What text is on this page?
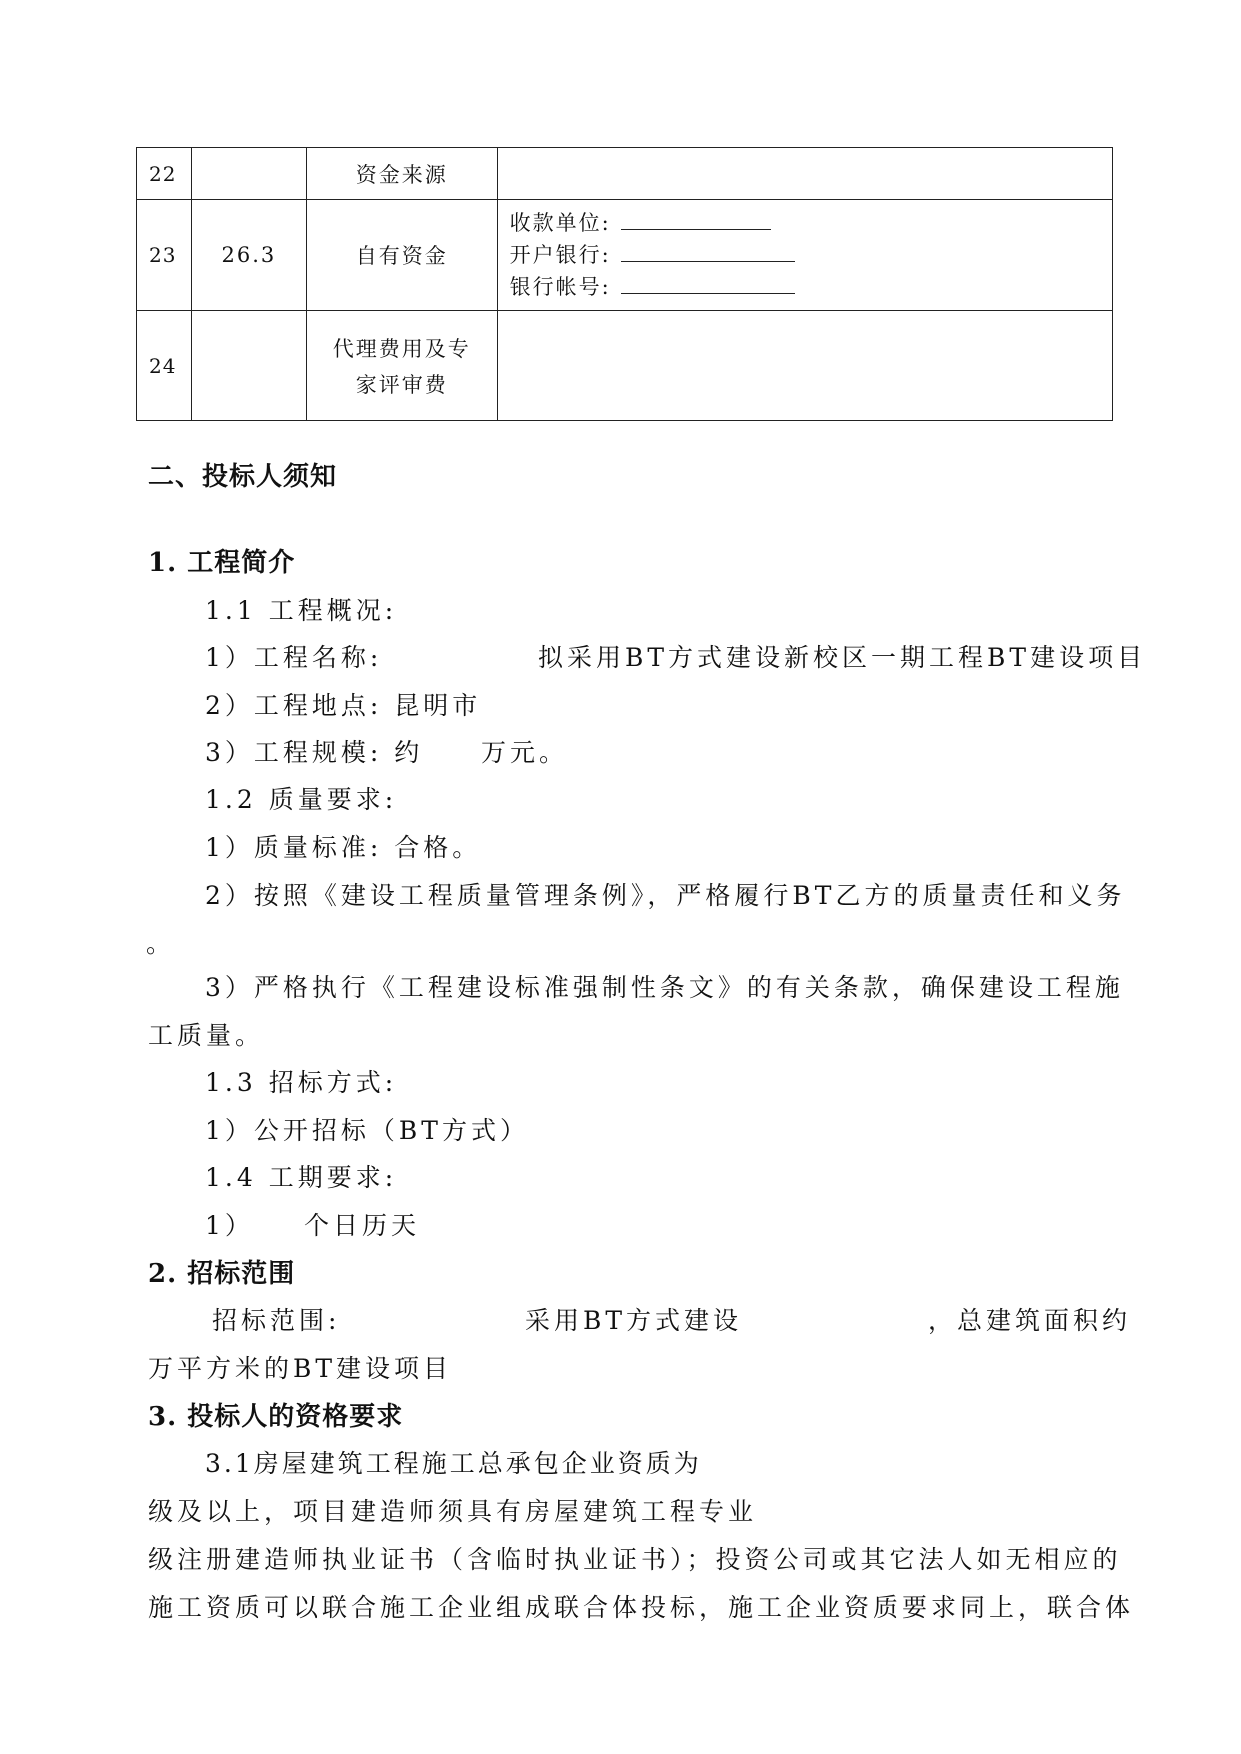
22		资金来源	
23	26.3	自有资金	收款单位:
开户银行:
银行帐号:

24		代理费用及专
家评审费	

二、投标人须知
1. 工程简介
1.1 工程概况:
1）工程名称:	拟采用BT方式建设新校区一期工程BT建设项目
2）工程地点: 昆明市
3）工程规模: 约 万元。
1.2 质量要求:
1）质量标准: 合格。
2）按照《建设工程质量管理条例》，严格履行BT乙方的质量责任和义务
。
3）严格执行《工程建设标准强制性条文》的有关条款，确保建设工程施
工质量。
1.3 招标方式:
1）公开招标（BT方式）
1.4 工期要求:
1） 个日历天
2. 招标范围
招标范围:	采用BT方式建设	，总建筑面积约
万平方米的BT建设项目
3. 投标人的资格要求
3.1房屋建筑工程施工总承包企业资质为
级及以上，项目建造师须具有房屋建筑工程专业
级注册建造师执业证书（含临时执业证书）；投资公司或其它法人如无相应的
施工资质可以联合施工企业组成联合体投标，施工企业资质要求同上，联合体
